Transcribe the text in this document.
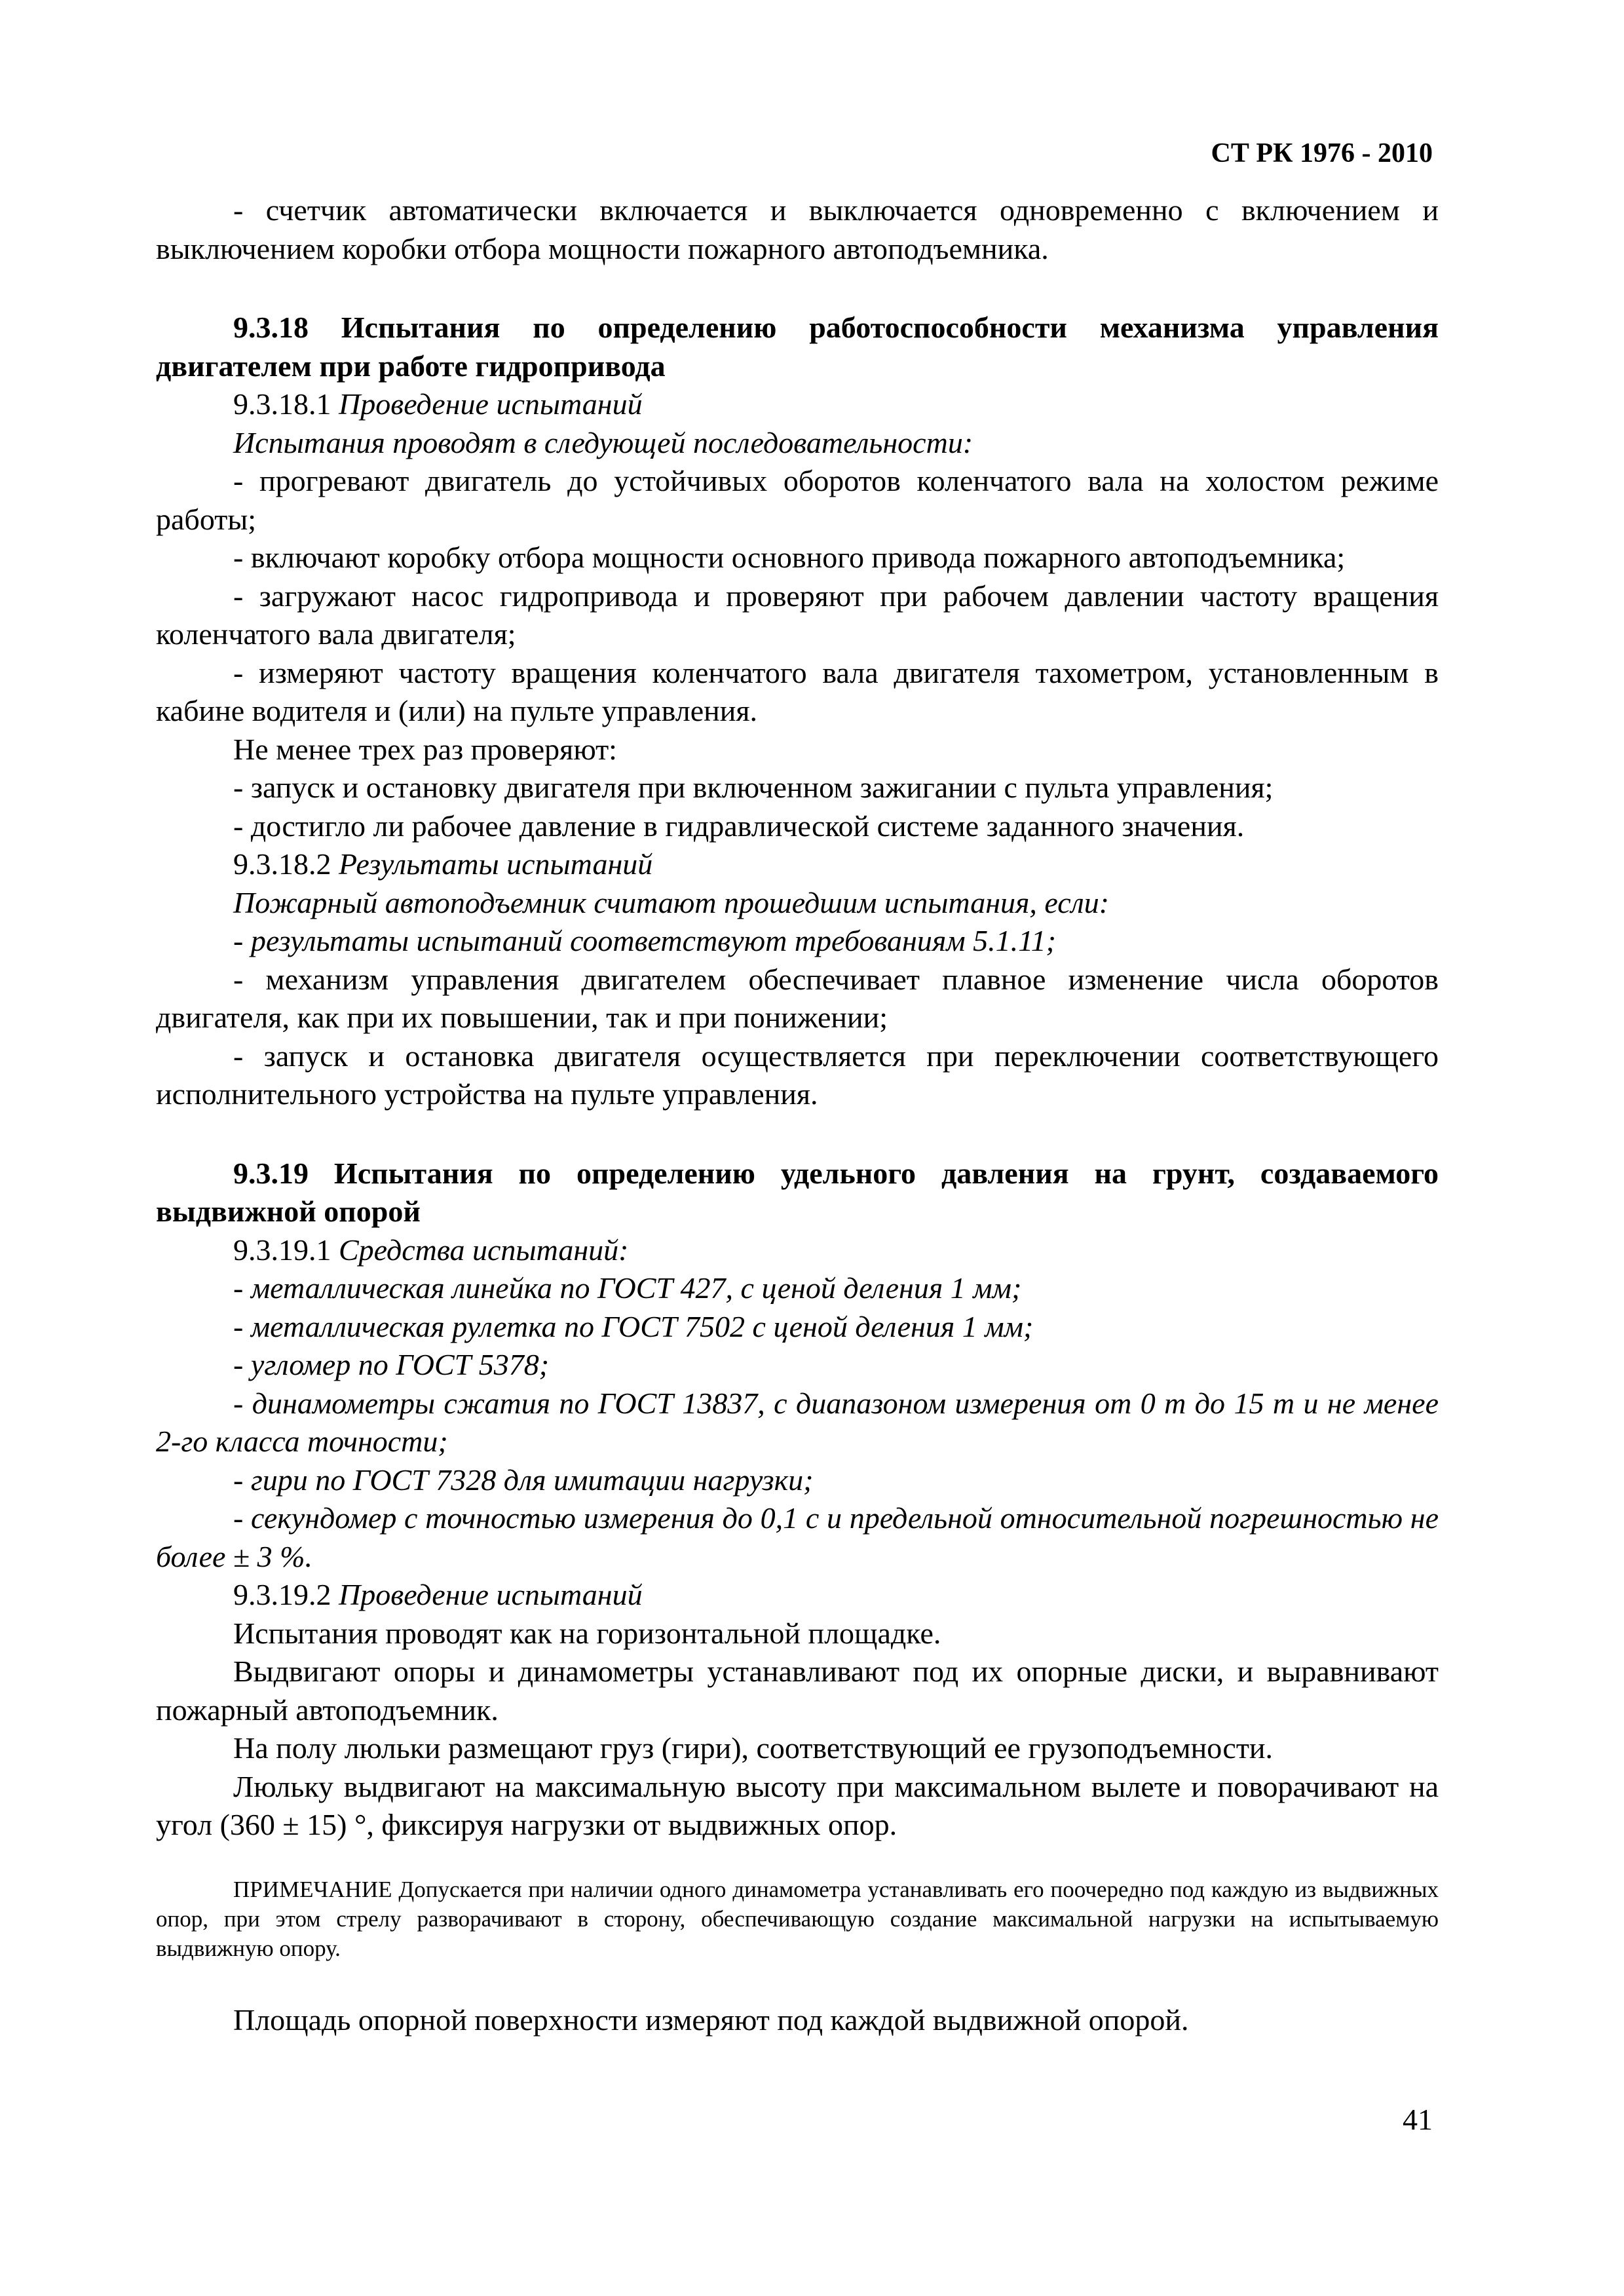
СТ РК 1976 - 2010

- счетчик автоматически включается и выключается одновременно с включением и выключением коробки отбора мощности пожарного автоподъемника.

9.3.18 Испытания по определению работоспособности механизма управления двигателем при работе гидропривода

9.3.18.1 Проведение испытаний

Испытания проводят в следующей последовательности:

- прогревают двигатель до устойчивых оборотов коленчатого вала на холостом режиме работы;

- включают коробку отбора мощности основного привода пожарного автоподъемника;

- загружают насос гидропривода и проверяют при рабочем давлении частоту вращения коленчатого вала двигателя;

- измеряют частоту вращения коленчатого вала двигателя тахометром, установленным в кабине водителя и (или) на пульте управления.

Не менее трех раз проверяют:

- запуск и остановку двигателя при включенном зажигании с пульта управления;

- достигло ли рабочее давление в гидравлической системе заданного значения.

9.3.18.2 Результаты испытаний

Пожарный автоподъемник считают прошедшим испытания, если:

- результаты испытаний соответствуют требованиям 5.1.11;

- механизм управления двигателем обеспечивает плавное изменение числа оборотов двигателя, как при их повышении, так и при понижении;

- запуск и остановка двигателя осуществляется при переключении соответствующего исполнительного устройства на пульте управления.

9.3.19 Испытания по определению удельного давления на грунт, создаваемого выдвижной опорой

9.3.19.1 Средства испытаний:

- металлическая линейка по ГОСТ 427, с ценой деления 1 мм;

- металлическая рулетка по ГОСТ 7502 с ценой деления 1 мм;

- угломер по ГОСТ 5378;

- динамометры сжатия по ГОСТ 13837, с диапазоном измерения от 0 т до 15 т и не менее 2-го класса точности;

- гири по ГОСТ 7328 для имитации нагрузки;

- секундомер с точностью измерения до 0,1 с и предельной относительной погрешностью не более ± 3 %.

9.3.19.2 Проведение испытаний

Испытания проводят как на горизонтальной площадке.

Выдвигают опоры и динамометры устанавливают под их опорные диски, и выравнивают пожарный автоподъемник.

На полу люльки размещают груз (гири), соответствующий ее грузоподъемности.

Люльку выдвигают на максимальную высоту при максимальном вылете и поворачивают на угол (360 ± 15) °, фиксируя нагрузки от выдвижных опор.

ПРИМЕЧАНИЕ Допускается при наличии одного динамометра устанавливать его поочередно под каждую из выдвижных опор, при этом стрелу разворачивают в сторону, обеспечивающую создание максимальной нагрузки на испытываемую выдвижную опору.

Площадь опорной поверхности измеряют под каждой выдвижной опорой.

41
